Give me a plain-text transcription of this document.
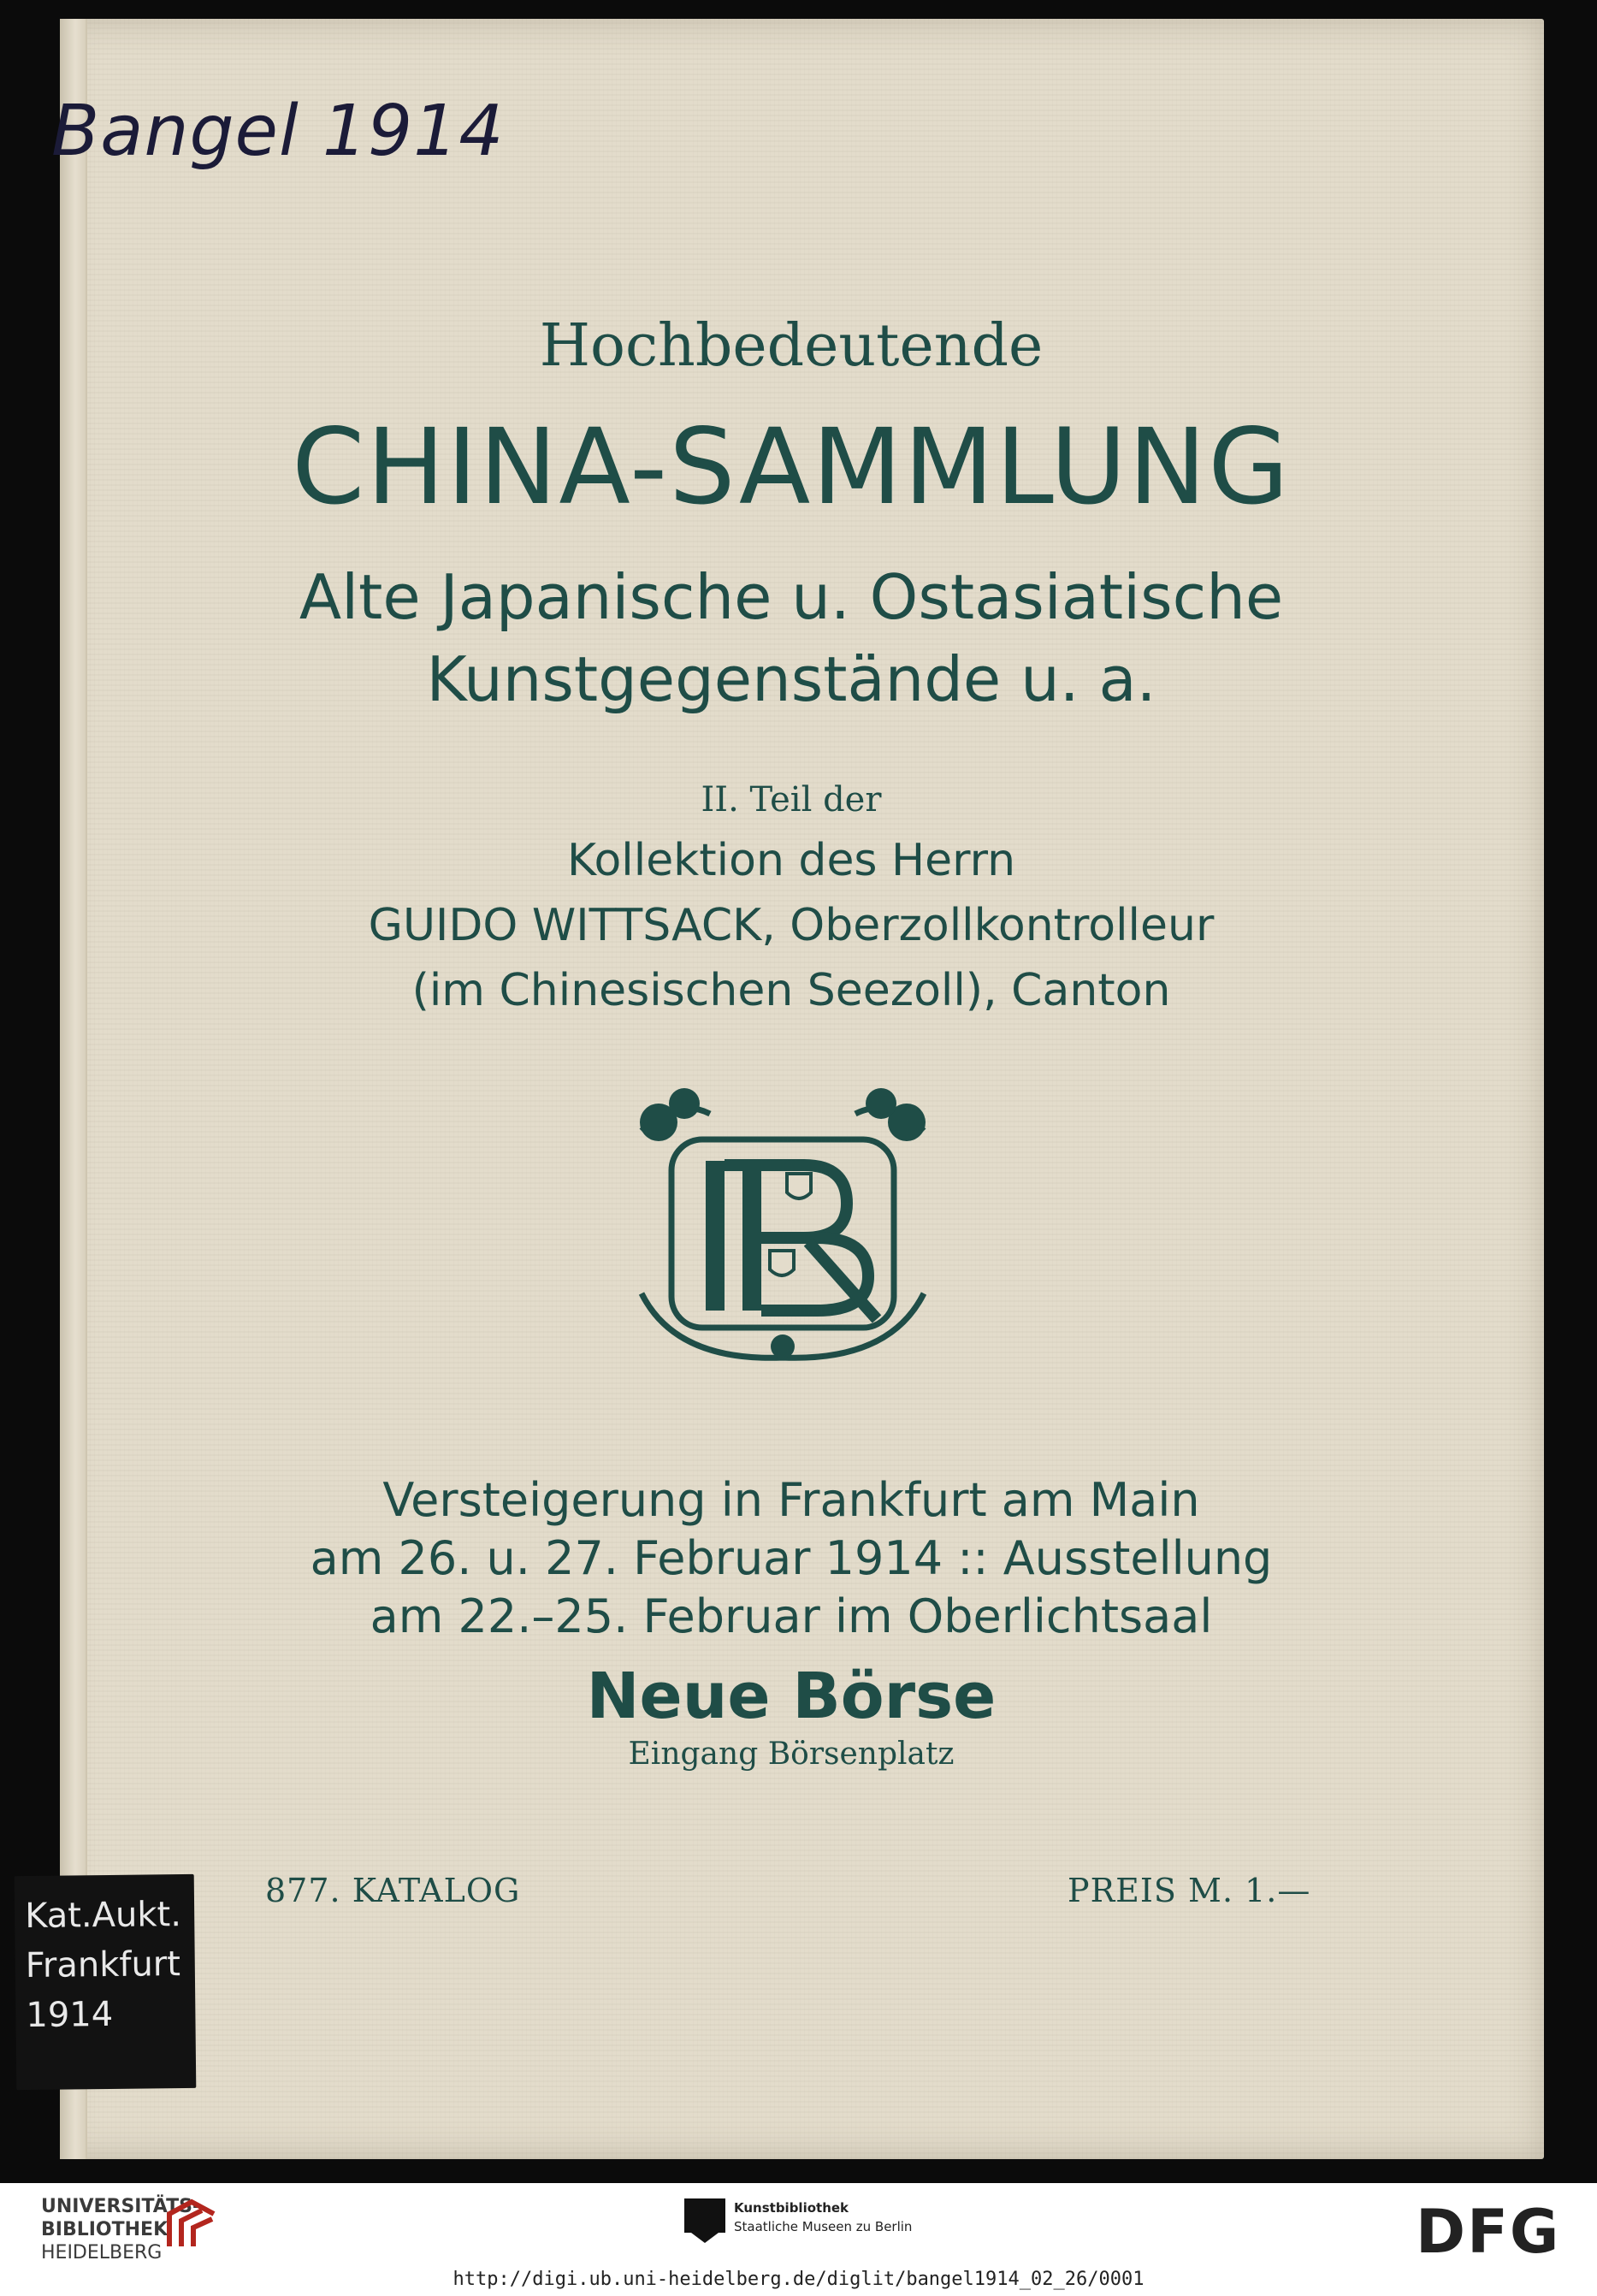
Bangel 1914
Kat.Aukt.
Frankfurt
1914
Hochbedeutende
CHINA-SAMMLUNG
Alte Japanische u. Ostasiatische
Kunstgegenstände u. a.
II. Teil der
Kollektion des Herrn
GUIDO WITTSACK, Oberzollkontrolleur
(im Chinesischen Seezoll), Canton
Versteigerung in Frankfurt am Main
am 26. u. 27. Februar 1914 :: Ausstellung
am 22.–25. Februar im Oberlichtsaal
Neue Börse
Eingang Börsenplatz
877. KATALOG	PREIS M. 1.—
UNIVERSITÄTS-
BIBLIOTHEK
HEIDELBERG
Kunstbibliothek
Staatliche Museen zu Berlin	DFG
http://digi.ub.uni-heidelberg.de/diglit/bangel1914_02_26/0001
